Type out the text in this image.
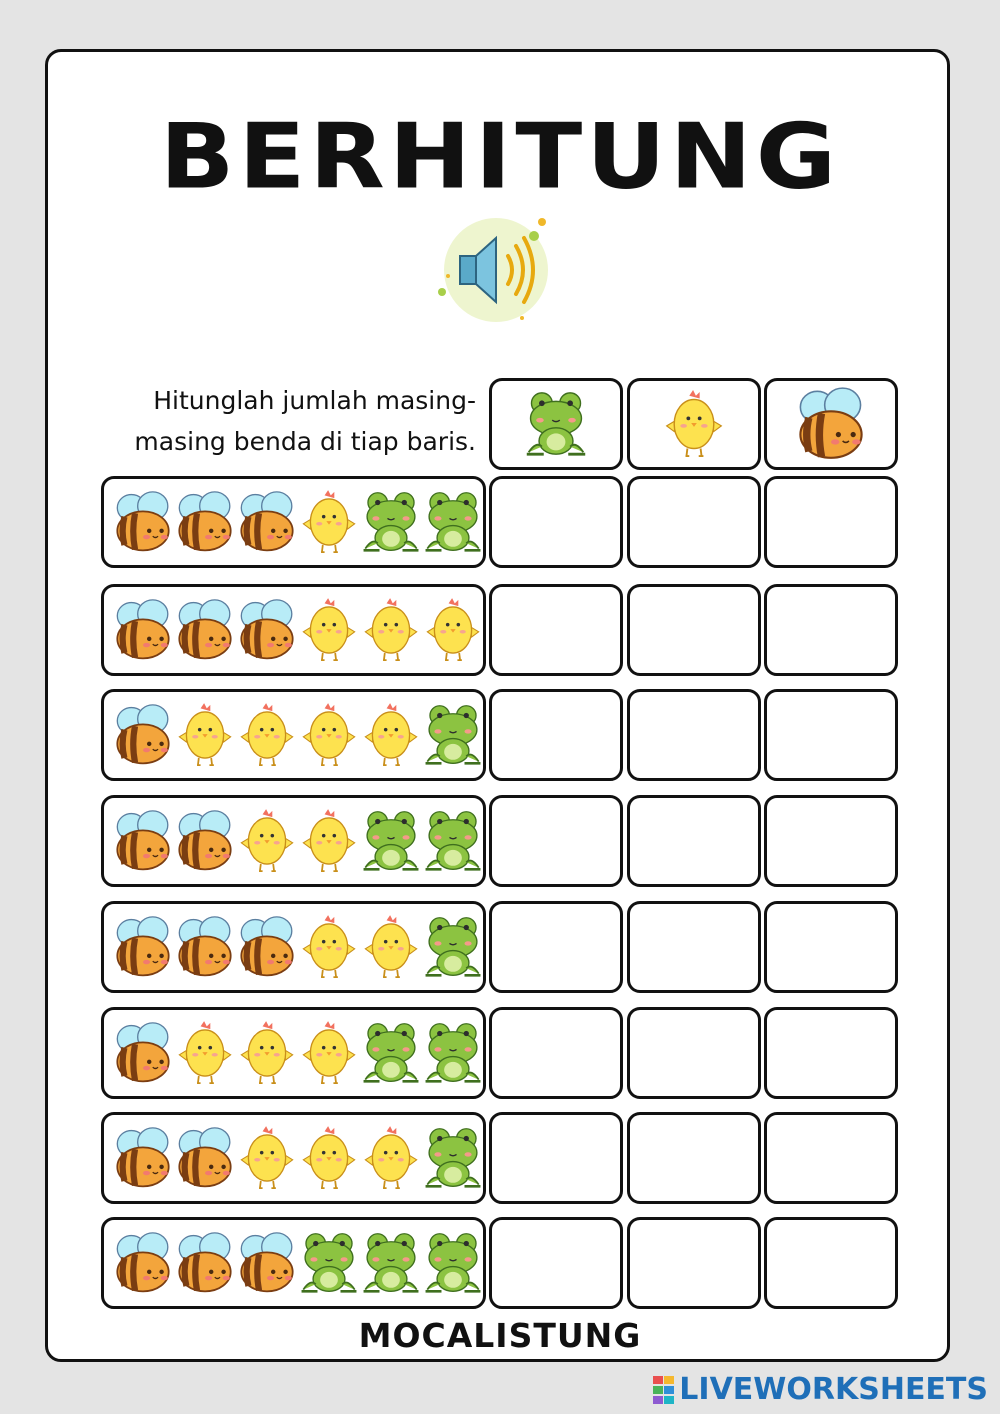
BERHITUNG
Hitunglah jumlah masing-
masing benda di tiap baris.
MOCALISTUNG
LIVEWORKSHEETS
